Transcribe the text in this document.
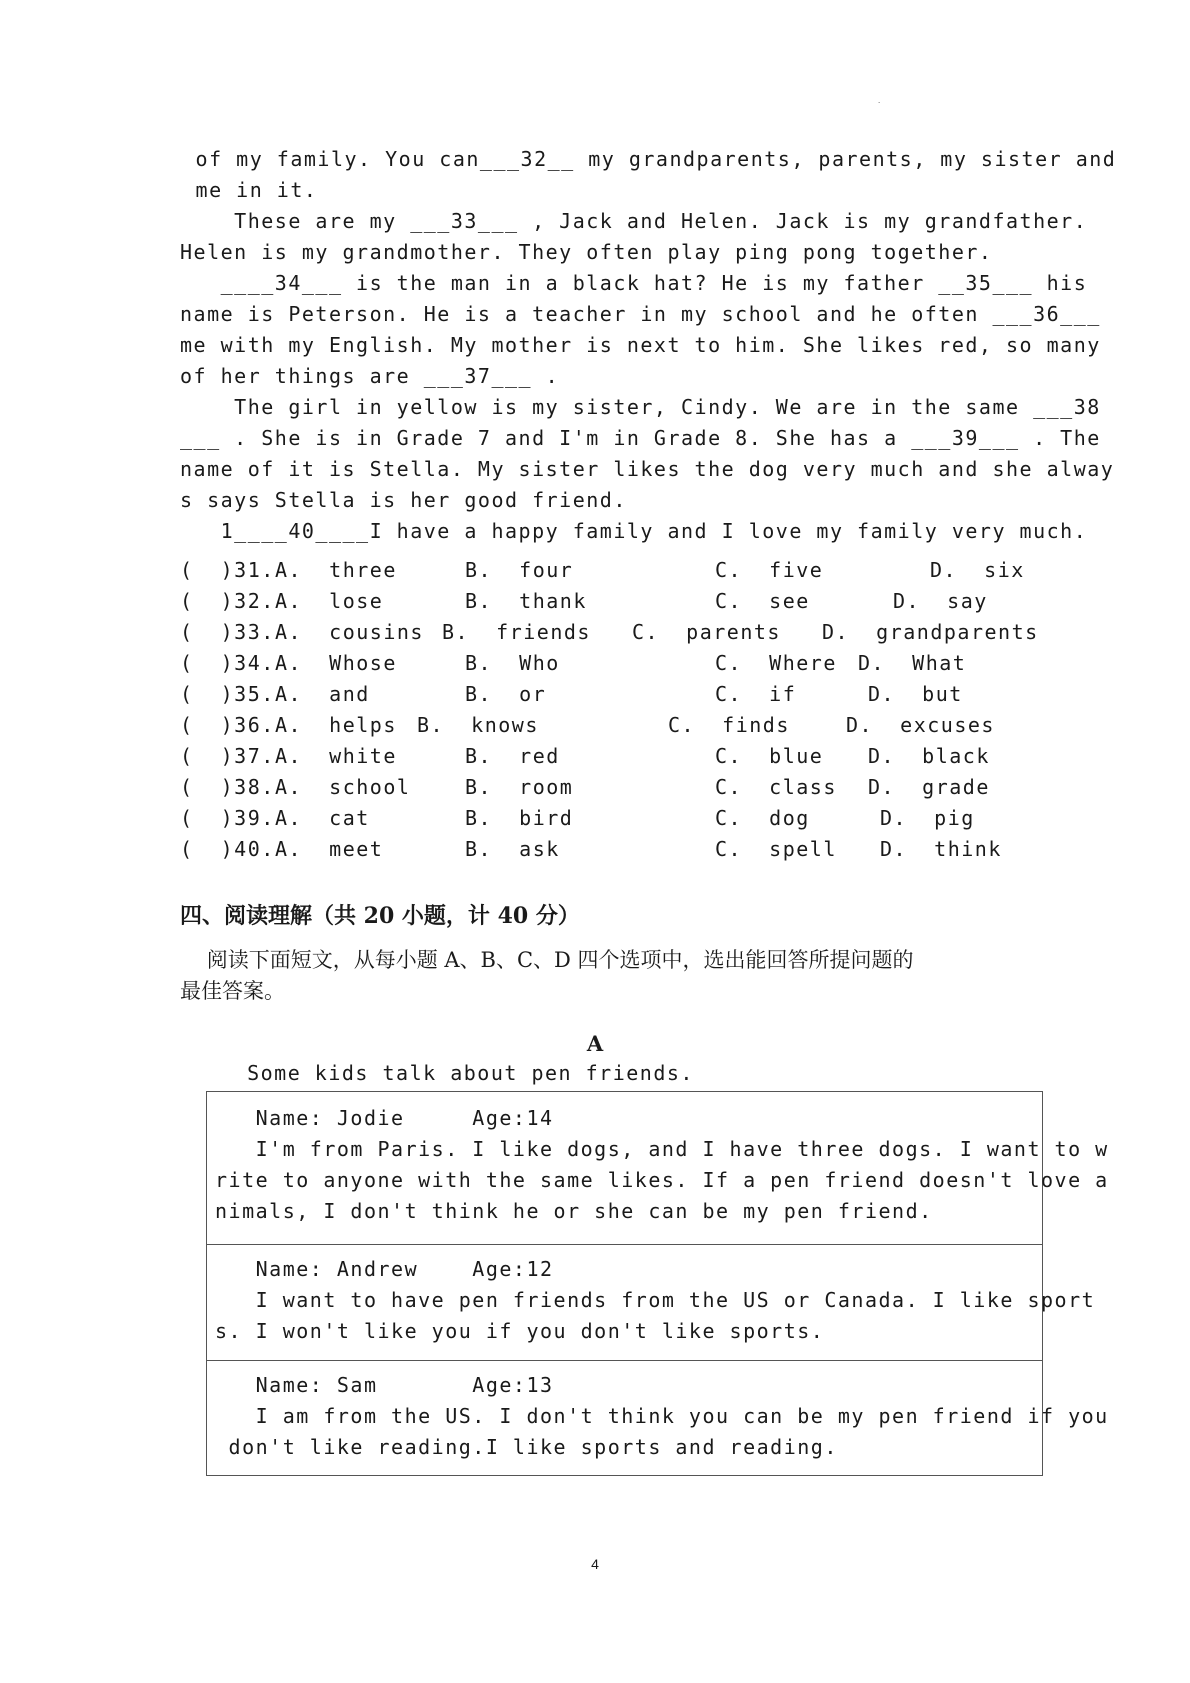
.
of my family. You can___32__ my grandparents, parents, my sister and
me in it.
These are my ___33___ , Jack and Helen. Jack is my grandfather.
Helen is my grandmother. They often play ping pong together.
____34___ is the man in a black hat? He is my father __35___ his
name is Peterson. He is a teacher in my school and he often ___36___
me with my English. My mother is next to him. She likes red, so many
of her things are ___37___ .
The girl in yellow is my sister, Cindy. We are in the same ___38
___ . She is in Grade 7 and I'm in Grade 8. She has a ___39___ . The
name of it is Stella. My sister likes the dog very much and she alway
s says Stella is her good friend.
1____40____I have a happy family and I love my family very much.
(  )31. A.  three	B.  four	C.  five	D.  six
(  )32. A.  lose	B.  thank	C.  see	D.  say
(  )33. A.  cousins B.  friends C.  parents D.  grandparents
(  )34. A.  Whose	B.  Who	C.  Where D.  What
(  )35. A.  and	B.  or	C.  if	D.  but
(  )36. A.  helps B.  knows	C.  finds	D.  excuses
(  )37. A.  white	B.  red	C.  blue D.  black
(  )38. A.  school	B.  room	C.  class D.  grade
(  )39. A.  cat	B.  bird	C.  dog	D.  pig
(  )40. A.  meet	B.  ask	C.  spell D.  think
四、阅读理解（共 20 小题，计 40 分）
阅读下面短文，从每小题 A、B、C、D 四个选项中，选出能回答所提问题的
最佳答案。
A
Some kids talk about pen friends.
Name: Jodie     Age:14
I'm from Paris. I like dogs, and I have three dogs. I want to w
rite to anyone with the same likes. If a pen friend doesn't love a
nimals, I don't think he or she can be my pen friend.
Name: Andrew    Age:12
I want to have pen friends from the US or Canada. I like sport
s. I won't like you if you don't like sports.
Name: Sam       Age:13
I am from the US. I don't think you can be my pen friend if you
don't like reading.I like sports and reading.
4
